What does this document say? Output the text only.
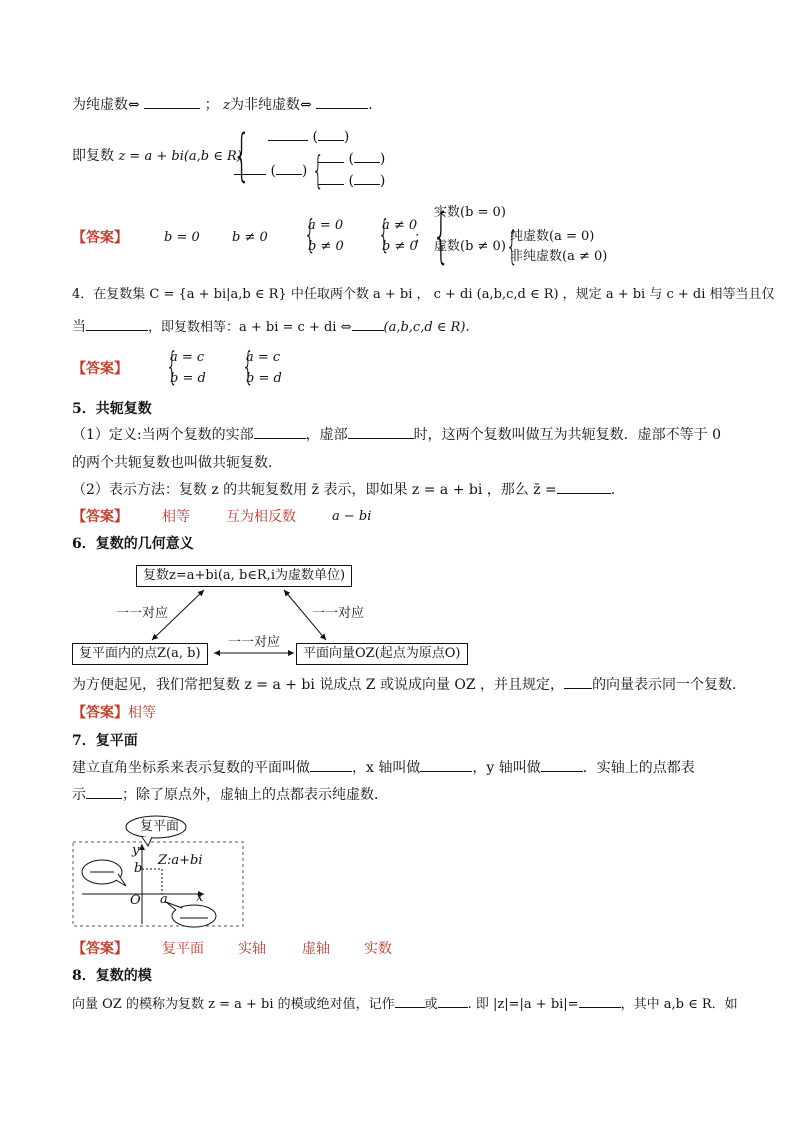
为纯虚数⇔	； z为非纯虚数⇔	.
即复数 z = a + bi(a,b ∈ R)
{	( )
( ) {	( )
( )
【答案】	b = 0 b ≠ 0 {
a = 0
b ≠ 0 {
a ≠ 0
b ≠ 0
； {
实数(b = 0)
虚数(b ≠ 0) {
纯虚数(a = 0)
非纯虚数(a ≠ 0)
4．在复数集 C = {a + bi|a,b ∈ R} 中任取两个数 a + bi ， c + di (a,b,c,d ∈ R) ，规定 a + bi 与 c + di 相等当且仅
当	，即复数相等：a + bi = c + di ⇔ (a,b,c,d ∈ R).
【答案】 {
a = c
b = d {
a = c
b = d
5．共轭复数
（1）定义:当两个复数的实部	，虚部	时，这两个复数叫做互为共轭复数．虚部不等于 0
的两个共轭复数也叫做共轭复数．
（2）表示方法：复数 z 的共轭复数用 z̄ 表示，即如果 z = a + bi ，那么 z̄ =	.
【答案】 相等	互为相反数	a − bi
6．复数的几何意义
复数z=a+bi(a, b∈R,i为虚数单位)
复平面内的点Z(a, b)	平面向量OZ(起点为原点O)
一一对应	一一对应
一一对应
为方便起见，我们常把复数 z = a + bi 说成点 Z 或说成向量 OZ ，并且规定， 的向量表示同一个复数.
【答案】相等
7．复平面
建立直角坐标系来表示复数的平面叫做	，x 轴叫做	，y 轴叫做	．实轴上的点都表
示	；除了原点外，虚轴上的点都表示纯虚数．
复平面
y
x
O
b
a
Z:a+bi
【答案】 复平面 实轴	虚轴 实数
8．复数的模
向量 OZ 的模称为复数 z = a + bi 的模或绝对值，记作 或 . 即 |z|=|a + bi|=	，其中 a,b ∈ R．如
